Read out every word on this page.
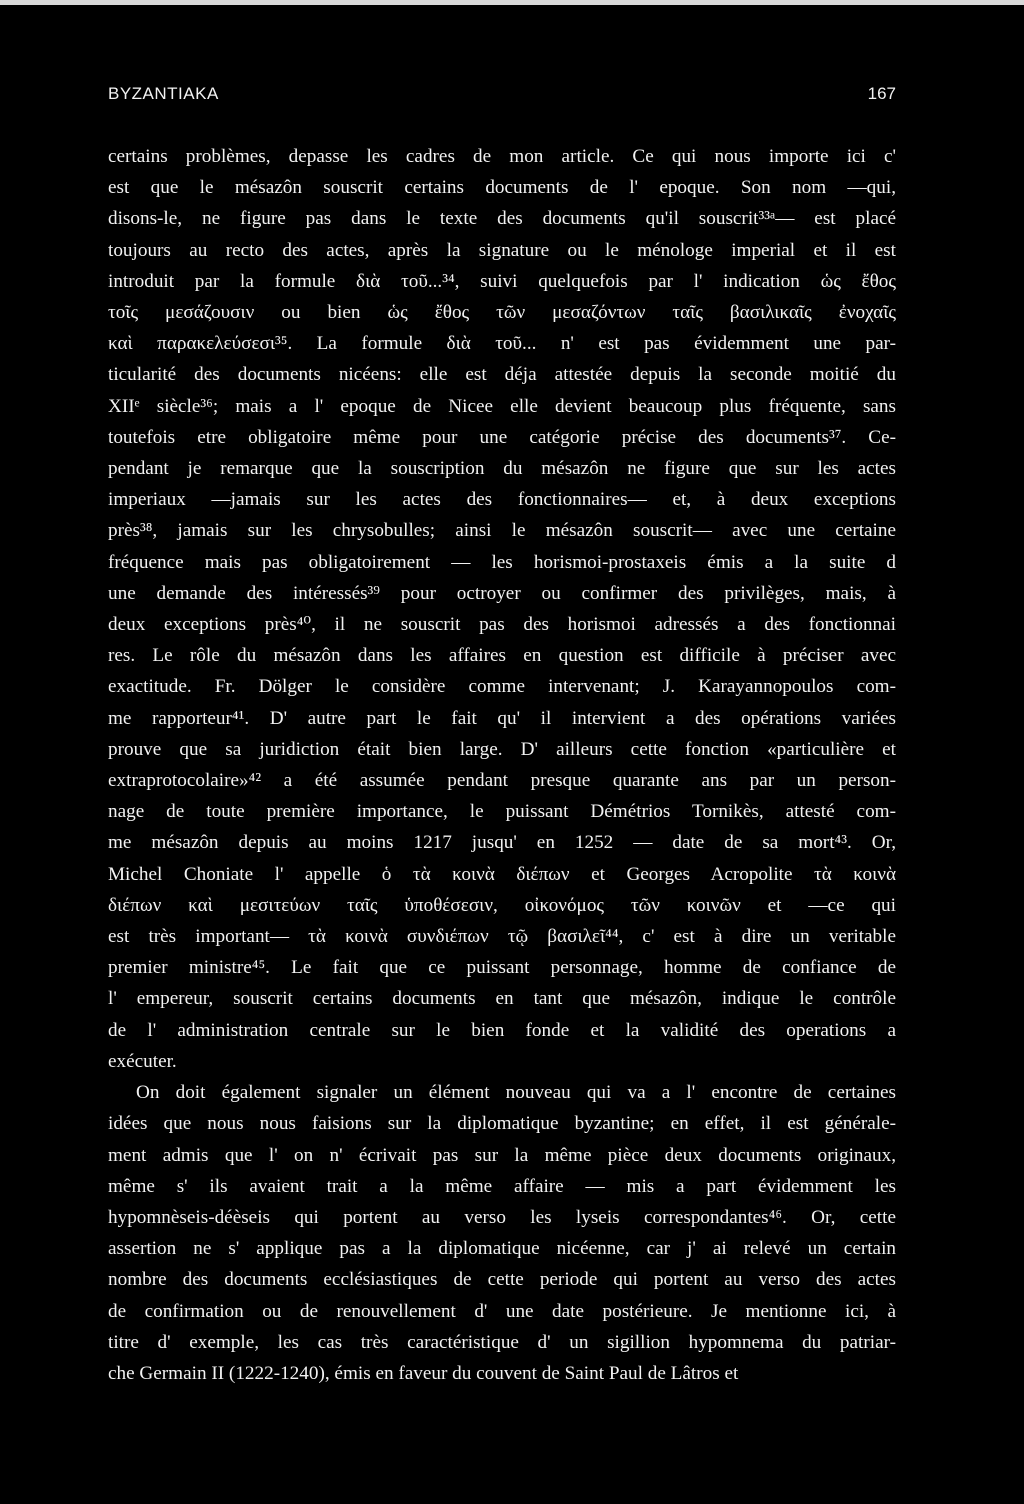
BYZANTIAKA	167
certains problèmes, depasse les cadres de mon article. Ce qui nous importe ici c'
est que le mésazôn souscrit certains documents de l' epoque. Son nom —qui,
disons-le, ne figure pas dans le texte des documents qu'il souscrit³³ᵃ— est placé
toujours au recto des actes, après la signature ou le ménologe imperial et il est
introduit par la formule διὰ τοῦ...³⁴, suivi quelquefois par l' indication ὡς ἔθος
τοῖς μεσάζουσιν ou bien ὡς ἔθος τῶν μεσαζόντων ταῖς βασιλικαῖς ἐνοχαῖς
καὶ παρακελεύσεσι³⁵. La formule διὰ τοῦ... n' est pas évidemment une par-
ticularité des documents nicéens: elle est déja attestée depuis la seconde moitié du
XIIᵉ siècle³⁶; mais a l' epoque de Nicee elle devient beaucoup plus fréquente, sans
toutefois etre obligatoire même pour une catégorie précise des documents³⁷. Ce-
pendant je remarque que la souscription du mésazôn ne figure que sur les actes
imperiaux —jamais sur les actes des fonctionnaires— et, à deux exceptions
près³⁸, jamais sur les chrysobulles; ainsi le mésazôn souscrit— avec une certaine
fréquence mais pas obligatoirement — les horismoi-prostaxeis émis a la suite d
une demande des intéressés³⁹ pour octroyer ou confirmer des privilèges, mais, à
deux exceptions près⁴⁰, il ne souscrit pas des horismoi adressés a des fonctionnai
res. Le rôle du mésazôn dans les affaires en question est difficile à préciser avec
exactitude. Fr. Dölger le considère comme intervenant; J. Karayannopoulos com-
me rapporteur⁴¹. D' autre part le fait qu' il intervient a des opérations variées
prouve que sa juridiction était bien large. D' ailleurs cette fonction «particulière et
extraprotocolaire»⁴² a été assumée pendant presque quarante ans par un person-
nage de toute première importance, le puissant Démétrios Tornikès, attesté com-
me mésazôn depuis au moins 1217 jusqu' en 1252 — date de sa mort⁴³. Or,
Michel Choniate l' appelle ὁ τὰ κοινὰ διέπων et Georges Acropolite τὰ κοινὰ
διέπων καὶ μεσιτεύων ταῖς ὑποθέσεσιν, οἰκονόμος τῶν κοινῶν et —ce qui
est très important— τὰ κοινὰ συνδιέπων τῷ βασιλεῖ⁴⁴, c' est à dire un veritable
premier ministre⁴⁵. Le fait que ce puissant personnage, homme de confiance de
l' empereur, souscrit certains documents en tant que mésazôn, indique le contrôle
de l' administration centrale sur le bien fonde et la validité des operations a
exécuter.
On doit également signaler un élément nouveau qui va a l' encontre de certaines
idées que nous nous faisions sur la diplomatique byzantine; en effet, il est générale-
ment admis que l' on n' écrivait pas sur la même pièce deux documents originaux,
même s' ils avaient trait a la même affaire — mis a part évidemment les
hypomnèseis-déèseis qui portent au verso les lyseis correspondantes⁴⁶. Or, cette
assertion ne s' applique pas a la diplomatique nicéenne, car j' ai relevé un certain
nombre des documents ecclésiastiques de cette periode qui portent au verso des actes
de confirmation ou de renouvellement d' une date postérieure. Je mentionne ici, à
titre d' exemple, les cas très caractéristique d' un sigillion hypomnema du patriar-
che Germain II (1222-1240), émis en faveur du couvent de Saint Paul de Lâtros et
